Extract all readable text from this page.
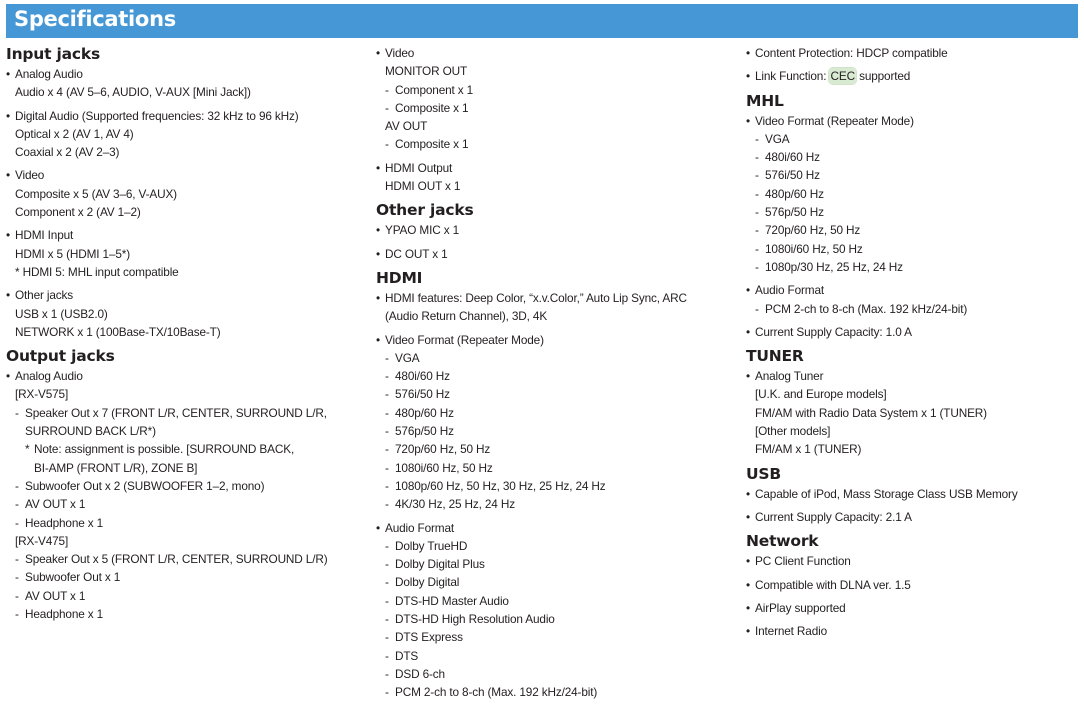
Specifications
Input jacks
• Analog Audio
Audio x 4 (AV 5–6, AUDIO, V-AUX [Mini Jack])
• Digital Audio (Supported frequencies: 32 kHz to 96 kHz)
Optical x 2 (AV 1, AV 4)
Coaxial x 2 (AV 2–3)
• Video
Composite x 5 (AV 3–6, V-AUX)
Component x 2 (AV 1–2)
• HDMI Input
HDMI x 5 (HDMI 1–5*)
* HDMI 5: MHL input compatible
• Other jacks
USB x 1 (USB2.0)
NETWORK x 1 (100Base-TX/10Base-T)
Output jacks
• Analog Audio
[RX-V575]
- Speaker Out x 7 (FRONT L/R, CENTER, SURROUND L/R,
SURROUND BACK L/R*)
* Note: assignment is possible. [SURROUND BACK,
BI-AMP (FRONT L/R), ZONE B]
- Subwoofer Out x 2 (SUBWOOFER 1–2, mono)
- AV OUT x 1
- Headphone x 1
[RX-V475]
- Speaker Out x 5 (FRONT L/R, CENTER, SURROUND L/R)
- Subwoofer Out x 1
- AV OUT x 1
- Headphone x 1
• Video
MONITOR OUT
- Component x 1
- Composite x 1
AV OUT
- Composite x 1
• HDMI Output
HDMI OUT x 1
Other jacks
• YPAO MIC x 1
• DC OUT x 1
HDMI
• HDMI features: Deep Color, “x.v.Color,” Auto Lip Sync, ARC
(Audio Return Channel), 3D, 4K
• Video Format (Repeater Mode)
- VGA
- 480i/60 Hz
- 576i/50 Hz
- 480p/60 Hz
- 576p/50 Hz
- 720p/60 Hz, 50 Hz
- 1080i/60 Hz, 50 Hz
- 1080p/60 Hz, 50 Hz, 30 Hz, 25 Hz, 24 Hz
- 4K/30 Hz, 25 Hz, 24 Hz
• Audio Format
- Dolby TrueHD
- Dolby Digital Plus
- Dolby Digital
- DTS-HD Master Audio
- DTS-HD High Resolution Audio
- DTS Express
- DTS
- DSD 6-ch
- PCM 2-ch to 8-ch (Max. 192 kHz/24-bit)
• Content Protection: HDCP compatible
• Link Function: CEC supported
MHL
• Video Format (Repeater Mode)
- VGA
- 480i/60 Hz
- 576i/50 Hz
- 480p/60 Hz
- 576p/50 Hz
- 720p/60 Hz, 50 Hz
- 1080i/60 Hz, 50 Hz
- 1080p/30 Hz, 25 Hz, 24 Hz
• Audio Format
- PCM 2-ch to 8-ch (Max. 192 kHz/24-bit)
• Current Supply Capacity: 1.0 A
TUNER
• Analog Tuner
[U.K. and Europe models]
FM/AM with Radio Data System x 1 (TUNER)
[Other models]
FM/AM x 1 (TUNER)
USB
• Capable of iPod, Mass Storage Class USB Memory
• Current Supply Capacity: 2.1 A
Network
• PC Client Function
• Compatible with DLNA ver. 1.5
• AirPlay supported
• Internet Radio
